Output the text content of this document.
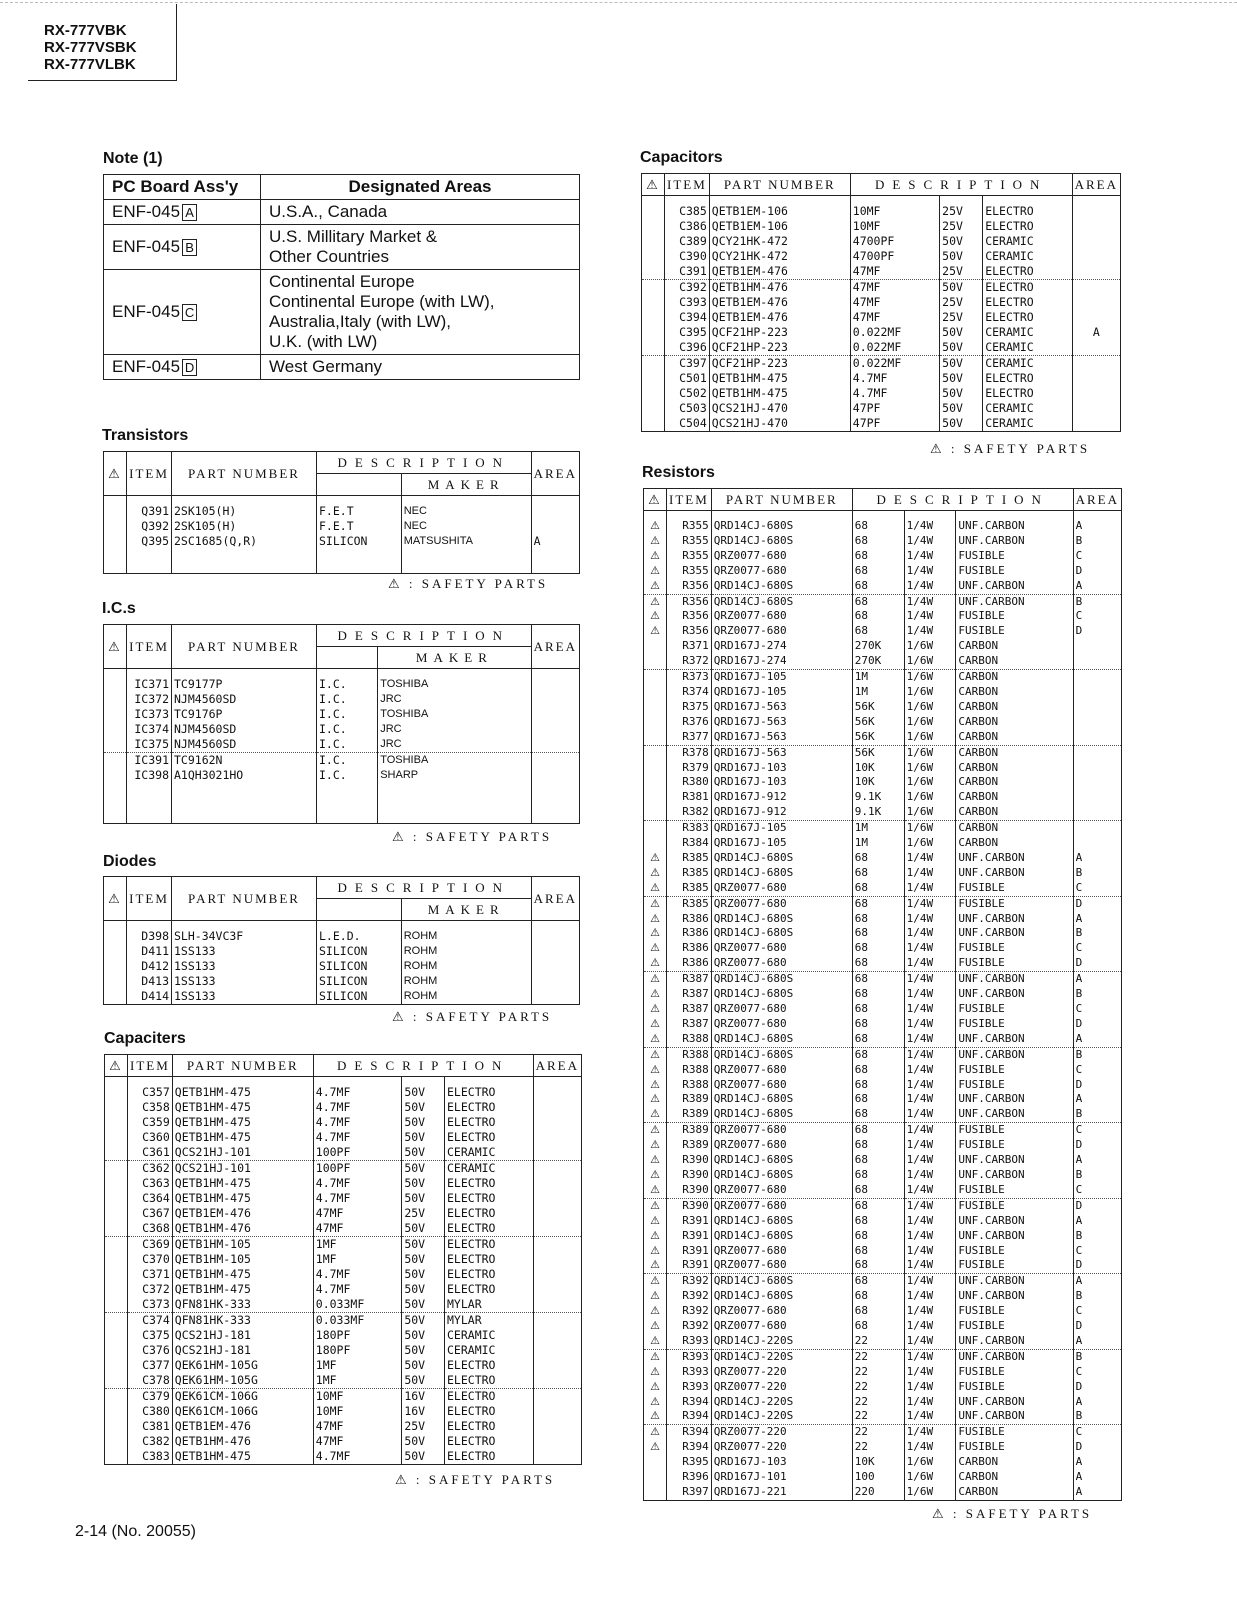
RX-777VBK
RX-777VSBK
RX-777VLBK
Note (1)
PC Board Ass'y	Designated Areas
ENF-045 A	U.S.A., Canada

ENF-045 B	U.S. Millitary Market &
Other Countries

ENF-045 C	Continental Europe
Continental Europe (with LW),
Australia,Italy (with LW),
U.K. (with LW)

ENF-045 D	West Germany
Transistors
⚠	ITEM	PART NUMBER	DESCRIPTION		AREA
				MAKER	

	Q391	2SK105(H)	F.E.T	NEC	
	Q392	2SK105(H)	F.E.T	NEC	
	Q395	2SC1685(Q,R)	SILICON	MATSUSHITA	A

⚠ : SAFETY PARTS
I.C.s
⚠	ITEM	PART NUMBER	DESCRIPTION		AREA
				MAKER	

	IC371	TC9177P	I.C.	TOSHIBA	
	IC372	NJM4560SD	I.C.	JRC	
	IC373	TC9176P	I.C.	TOSHIBA	
	IC374	NJM4560SD	I.C.	JRC	
	IC375	NJM4560SD	I.C.	JRC	
	IC391	TC9162N	I.C.	TOSHIBA	
	IC398	A1QH3021HO	I.C.	SHARP	

⚠ : SAFETY PARTS
Diodes
⚠	ITEM	PART NUMBER	DESCRIPTION		AREA
				MAKER	

	D398	SLH-34VC3F	L.E.D.	ROHM	
	D411	1SS133	SILICON	ROHM	
	D412	1SS133	SILICON	ROHM	
	D413	1SS133	SILICON	ROHM	
	D414	1SS133	SILICON	ROHM	
⚠ : SAFETY PARTS
Capaciters
⚠	ITEM	PART NUMBER	DESCRIPTION			AREA

	C357	QETB1HM-475	4.7MF	50V	ELECTRO	
	C358	QETB1HM-475	4.7MF	50V	ELECTRO	
	C359	QETB1HM-475	4.7MF	50V	ELECTRO	
	C360	QETB1HM-475	4.7MF	50V	ELECTRO	
	C361	QCS21HJ-101	100PF	50V	CERAMIC	
	C362	QCS21HJ-101	100PF	50V	CERAMIC	
	C363	QETB1HM-475	4.7MF	50V	ELECTRO	
	C364	QETB1HM-475	4.7MF	50V	ELECTRO	
	C367	QETB1EM-476	47MF	25V	ELECTRO	
	C368	QETB1HM-476	47MF	50V	ELECTRO	
	C369	QETB1HM-105	1MF	50V	ELECTRO	
	C370	QETB1HM-105	1MF	50V	ELECTRO	
	C371	QETB1HM-475	4.7MF	50V	ELECTRO	
	C372	QETB1HM-475	4.7MF	50V	ELECTRO	
	C373	QFN81HK-333	0.033MF	50V	MYLAR	
	C374	QFN81HK-333	0.033MF	50V	MYLAR	
	C375	QCS21HJ-181	180PF	50V	CERAMIC	
	C376	QCS21HJ-181	180PF	50V	CERAMIC	
	C377	QEK61HM-105G	1MF	50V	ELECTRO	
	C378	QEK61HM-105G	1MF	50V	ELECTRO	
	C379	QEK61CM-106G	10MF	16V	ELECTRO	
	C380	QEK61CM-106G	10MF	16V	ELECTRO	
	C381	QETB1EM-476	47MF	25V	ELECTRO	
	C382	QETB1HM-476	47MF	50V	ELECTRO	
	C383	QETB1HM-475	4.7MF	50V	ELECTRO	
⚠ : SAFETY PARTS
Capacitors
⚠	ITEM	PART NUMBER	DESCRIPTION			AREA

	C385	QETB1EM-106	10MF	25V	ELECTRO	
	C386	QETB1EM-106	10MF	25V	ELECTRO	
	C389	QCY21HK-472	4700PF	50V	CERAMIC	
	C390	QCY21HK-472	4700PF	50V	CERAMIC	
	C391	QETB1EM-476	47MF	25V	ELECTRO	
	C392	QETB1HM-476	47MF	50V	ELECTRO	
	C393	QETB1EM-476	47MF	25V	ELECTRO	
	C394	QETB1EM-476	47MF	25V	ELECTRO	
	C395	QCF21HP-223	0.022MF	50V	CERAMIC	A
	C396	QCF21HP-223	0.022MF	50V	CERAMIC	
	C397	QCF21HP-223	0.022MF	50V	CERAMIC	
	C501	QETB1HM-475	4.7MF	50V	ELECTRO	
	C502	QETB1HM-475	4.7MF	50V	ELECTRO	
	C503	QCS21HJ-470	47PF	50V	CERAMIC	
	C504	QCS21HJ-470	47PF	50V	CERAMIC	
⚠ : SAFETY PARTS
Resistors
⚠	ITEM	PART NUMBER	DESCRIPTION			AREA

⚠	R355	QRD14CJ-680S	68	1/4W	UNF.CARBON	A
⚠	R355	QRD14CJ-680S	68	1/4W	UNF.CARBON	B
⚠	R355	QRZ0077-680	68	1/4W	FUSIBLE	C
⚠	R355	QRZ0077-680	68	1/4W	FUSIBLE	D
⚠	R356	QRD14CJ-680S	68	1/4W	UNF.CARBON	A
⚠	R356	QRD14CJ-680S	68	1/4W	UNF.CARBON	B
⚠	R356	QRZ0077-680	68	1/4W	FUSIBLE	C
⚠	R356	QRZ0077-680	68	1/4W	FUSIBLE	D
	R371	QRD167J-274	270K	1/6W	CARBON	
	R372	QRD167J-274	270K	1/6W	CARBON	
	R373	QRD167J-105	1M	1/6W	CARBON	
	R374	QRD167J-105	1M	1/6W	CARBON	
	R375	QRD167J-563	56K	1/6W	CARBON	
	R376	QRD167J-563	56K	1/6W	CARBON	
	R377	QRD167J-563	56K	1/6W	CARBON	
	R378	QRD167J-563	56K	1/6W	CARBON	
	R379	QRD167J-103	10K	1/6W	CARBON	
	R380	QRD167J-103	10K	1/6W	CARBON	
	R381	QRD167J-912	9.1K	1/6W	CARBON	
	R382	QRD167J-912	9.1K	1/6W	CARBON	
	R383	QRD167J-105	1M	1/6W	CARBON	
	R384	QRD167J-105	1M	1/6W	CARBON	
⚠	R385	QRD14CJ-680S	68	1/4W	UNF.CARBON	A
⚠	R385	QRD14CJ-680S	68	1/4W	UNF.CARBON	B
⚠	R385	QRZ0077-680	68	1/4W	FUSIBLE	C
⚠	R385	QRZ0077-680	68	1/4W	FUSIBLE	D
⚠	R386	QRD14CJ-680S	68	1/4W	UNF.CARBON	A
⚠	R386	QRD14CJ-680S	68	1/4W	UNF.CARBON	B
⚠	R386	QRZ0077-680	68	1/4W	FUSIBLE	C
⚠	R386	QRZ0077-680	68	1/4W	FUSIBLE	D
⚠	R387	QRD14CJ-680S	68	1/4W	UNF.CARBON	A
⚠	R387	QRD14CJ-680S	68	1/4W	UNF.CARBON	B
⚠	R387	QRZ0077-680	68	1/4W	FUSIBLE	C
⚠	R387	QRZ0077-680	68	1/4W	FUSIBLE	D
⚠	R388	QRD14CJ-680S	68	1/4W	UNF.CARBON	A
⚠	R388	QRD14CJ-680S	68	1/4W	UNF.CARBON	B
⚠	R388	QRZ0077-680	68	1/4W	FUSIBLE	C
⚠	R388	QRZ0077-680	68	1/4W	FUSIBLE	D
⚠	R389	QRD14CJ-680S	68	1/4W	UNF.CARBON	A
⚠	R389	QRD14CJ-680S	68	1/4W	UNF.CARBON	B
⚠	R389	QRZ0077-680	68	1/4W	FUSIBLE	C
⚠	R389	QRZ0077-680	68	1/4W	FUSIBLE	D
⚠	R390	QRD14CJ-680S	68	1/4W	UNF.CARBON	A
⚠	R390	QRD14CJ-680S	68	1/4W	UNF.CARBON	B
⚠	R390	QRZ0077-680	68	1/4W	FUSIBLE	C
⚠	R390	QRZ0077-680	68	1/4W	FUSIBLE	D
⚠	R391	QRD14CJ-680S	68	1/4W	UNF.CARBON	A
⚠	R391	QRD14CJ-680S	68	1/4W	UNF.CARBON	B
⚠	R391	QRZ0077-680	68	1/4W	FUSIBLE	C
⚠	R391	QRZ0077-680	68	1/4W	FUSIBLE	D
⚠	R392	QRD14CJ-680S	68	1/4W	UNF.CARBON	A
⚠	R392	QRD14CJ-680S	68	1/4W	UNF.CARBON	B
⚠	R392	QRZ0077-680	68	1/4W	FUSIBLE	C
⚠	R392	QRZ0077-680	68	1/4W	FUSIBLE	D
⚠	R393	QRD14CJ-220S	22	1/4W	UNF.CARBON	A
⚠	R393	QRD14CJ-220S	22	1/4W	UNF.CARBON	B
⚠	R393	QRZ0077-220	22	1/4W	FUSIBLE	C
⚠	R393	QRZ0077-220	22	1/4W	FUSIBLE	D
⚠	R394	QRD14CJ-220S	22	1/4W	UNF.CARBON	A
⚠	R394	QRD14CJ-220S	22	1/4W	UNF.CARBON	B
⚠	R394	QRZ0077-220	22	1/4W	FUSIBLE	C
⚠	R394	QRZ0077-220	22	1/4W	FUSIBLE	D
	R395	QRD167J-103	10K	1/6W	CARBON	A
	R396	QRD167J-101	100	1/6W	CARBON	A
	R397	QRD167J-221	220	1/6W	CARBON	A
⚠ : SAFETY PARTS
2-14 (No. 20055)
